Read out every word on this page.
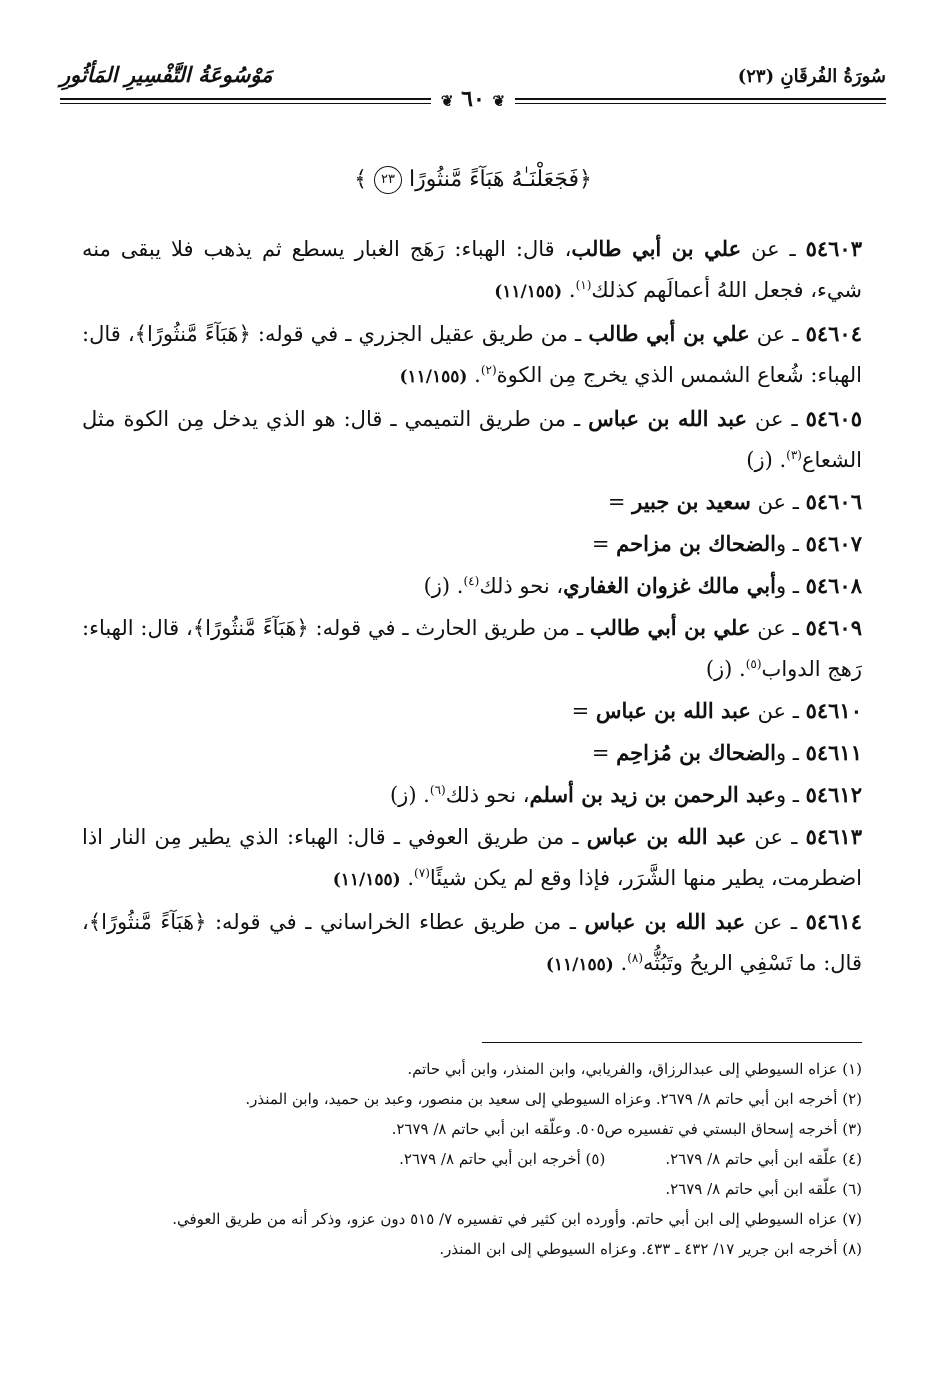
سُورَةُ الفُرقَانِ (٢٣)
مَوْسُوعَةُ التَّفْسِيرِ المَأثُورِ
❦ ٦٠ ❦
﴿فَجَعَلْنَـٰهُ هَبَآءً مَّنثُورًا ٢٣ ﴾

٥٤٦٠٣ ـ عن علي بن أبي طالب، قال: الهباء: رَهَج الغبار يسطع ثم يذهب فلا يبقى منه شيء، فجعل اللهُ أعمالَهم كذلك$^{(١)}$. (١١/١٥٥)

٥٤٦٠٤ ـ عن علي بن أبي طالب ـ من طريق عقيل الجزري ـ في قوله: ﴿هَبَآءً مَّنثُورًا﴾، قال: الهباء: شُعاع الشمس الذي يخرج مِن الكوة$^{(٢)}$. (١١/١٥٥)

٥٤٦٠٥ ـ عن عبد الله بن عباس ـ من طريق التميمي ـ قال: هو الذي يدخل مِن الكوة مثل الشعاع$^{(٣)}$. (ز)

٥٤٦٠٦ ـ عن سعيد بن جبير =

٥٤٦٠٧ ـ والضحاك بن مزاحم =

٥٤٦٠٨ ـ وأبي مالك غزوان الغفاري، نحو ذلك$^{(٤)}$. (ز)

٥٤٦٠٩ ـ عن علي بن أبي طالب ـ من طريق الحارث ـ في قوله: ﴿هَبَآءً مَّنثُورًا﴾، قال: الهباء: رَهج الدواب$^{(٥)}$. (ز)

٥٤٦١٠ ـ عن عبد الله بن عباس =

٥٤٦١١ ـ والضحاك بن مُزاحِم =

٥٤٦١٢ ـ وعبد الرحمن بن زيد بن أسلم، نحو ذلك$^{(٦)}$. (ز)

٥٤٦١٣ ـ عن عبد الله بن عباس ـ من طريق العوفي ـ قال: الهباء: الذي يطير مِن النار اذا اضطرمت، يطير منها الشَّرَر، فإذا وقع لم يكن شيئًا$^{(٧)}$. (١١/١٥٥)

٥٤٦١٤ ـ عن عبد الله بن عباس ـ من طريق عطاء الخراساني ـ في قوله: ﴿هَبَآءً مَّنثُورًا﴾، قال: ما تَسْفِي الريحُ وتَبُثُّه$^{(٨)}$. (١١/١٥٥)

(١) عزاه السيوطي إلى عبدالرزاق، والفريابي، وابن المنذر، وابن أبي حاتم.

(٢) أخرجه ابن أبي حاتم ٨/ ٢٦٧٩. وعزاه السيوطي إلى سعيد بن منصور، وعبد بن حميد، وابن المنذر.

(٣) أخرجه إسحاق البستي في تفسيره ص٥٠٥. وعلّقه ابن أبي حاتم ٨/ ٢٦٧٩.

(٤) علّقه ابن أبي حاتم ٨/ ٢٦٧٩.
(٥) أخرجه ابن أبي حاتم ٨/ ٢٦٧٩.

(٦) علّقه ابن أبي حاتم ٨/ ٢٦٧٩.

(٧) عزاه السيوطي إلى ابن أبي حاتم. وأورده ابن كثير في تفسيره ٧/ ٥١٥ دون عزو، وذكر أنه من طريق العوفي.

(٨) أخرجه ابن جرير ١٧/ ٤٣٢ ـ ٤٣٣. وعزاه السيوطي إلى ابن المنذر.
